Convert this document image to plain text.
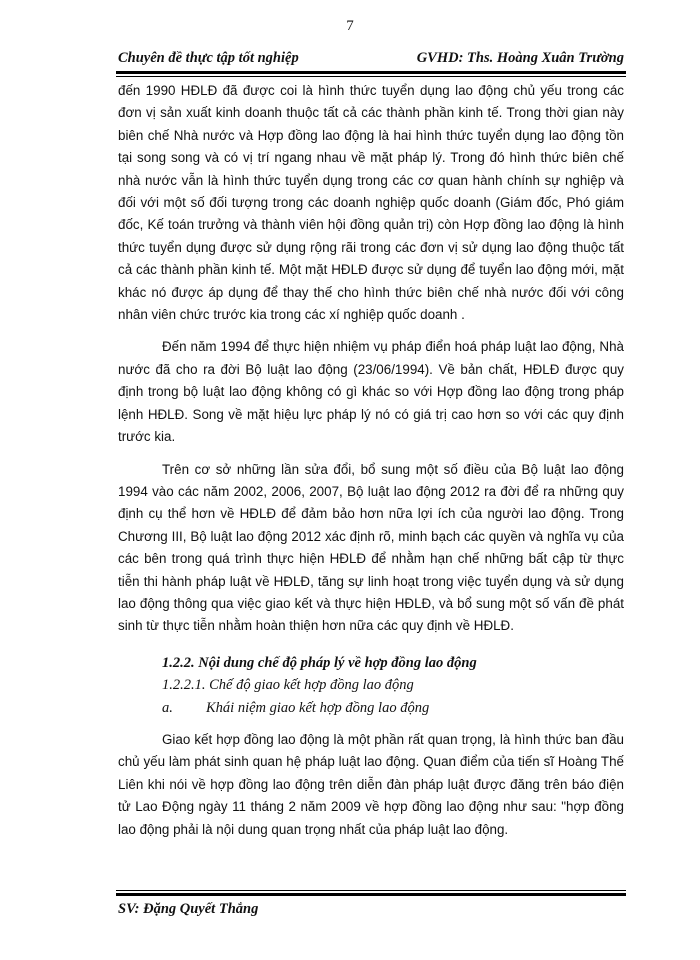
7
Chuyên đề thực tập tốt nghiệp	GVHD: Ths. Hoàng Xuân Trường

đến 1990 HĐLĐ đã được coi là hình thức tuyển dụng lao động chủ yếu trong các đơn vị sản xuất kinh doanh thuộc tất cả các thành phần kinh tế. Trong thời gian này biên chế Nhà nước và Hợp đồng lao động là hai hình thức tuyển dụng lao động tồn tại song song và có vị trí ngang nhau về mặt pháp lý. Trong đó hình thức biên chế nhà nước vẫn là hình thức tuyển dụng trong các cơ quan hành chính sự nghiệp và đối với một số đối tượng trong các doanh nghiệp quốc doanh (Giám đốc, Phó giám đốc, Kế toán trưởng và thành viên hội đồng quản trị) còn Hợp đồng lao động là hình thức tuyển dụng được sử dụng rộng rãi trong các đơn vị sử dụng lao động thuộc tất cả các thành phần kinh tế. Một mặt HĐLĐ được sử dụng để tuyển lao động mới, mặt khác nó được áp dụng để thay thế cho hình thức biên chế nhà nước đối với công nhân viên chức trước kia trong các xí nghiệp quốc doanh .

Đến năm 1994 để thực hiện nhiệm vụ pháp điển hoá pháp luật lao động, Nhà nước đã cho ra đời Bộ luật lao động (23/06/1994). Về bản chất, HĐLĐ được quy định trong bộ luật lao động không có gì khác so với Hợp đồng lao động trong pháp lệnh HĐLĐ. Song về mặt hiệu lực pháp lý nó có giá trị cao hơn so với các quy định trước kia.

Trên cơ sở những lần sửa đổi, bổ sung một số điều của Bộ luật lao động 1994 vào các năm 2002, 2006, 2007, Bộ luật lao động 2012 ra đời để ra những quy định cụ thể hơn về HĐLĐ để đảm bảo hơn nữa lợi ích của người lao động. Trong Chương III, Bộ luật lao động 2012 xác định rõ, minh bạch các quyền và nghĩa vụ của các bên trong quá trình thực hiện HĐLĐ để nhằm hạn chế những bất cập từ thực tiễn thi hành pháp luật về HĐLĐ, tăng sự linh hoạt trong việc tuyển dụng và sử dụng lao động thông qua việc giao kết và thực hiện HĐLĐ, và bổ sung một số vấn đề phát sinh từ thực tiễn nhằm hoàn thiện hơn nữa các quy định về HĐLĐ.

1.2.2. Nội dung chế độ pháp lý về hợp đồng lao động

1.2.2.1. Chế độ giao kết hợp đồng lao động

a. Khái niệm giao kết hợp đồng lao động

Giao kết hợp đồng lao động là một phần rất quan trọng, là hình thức ban đầu chủ yếu làm phát sinh quan hệ pháp luật lao động. Quan điểm của tiến sĩ Hoàng Thế Liên khi nói về hợp đồng lao động trên diễn đàn pháp luật được đăng trên báo điện tử Lao Động ngày 11 tháng 2 năm 2009 về hợp đồng lao động như sau: "hợp đồng lao động phải là nội dung quan trọng nhất của pháp luật lao động.

SV: Đặng Quyết Thắng
